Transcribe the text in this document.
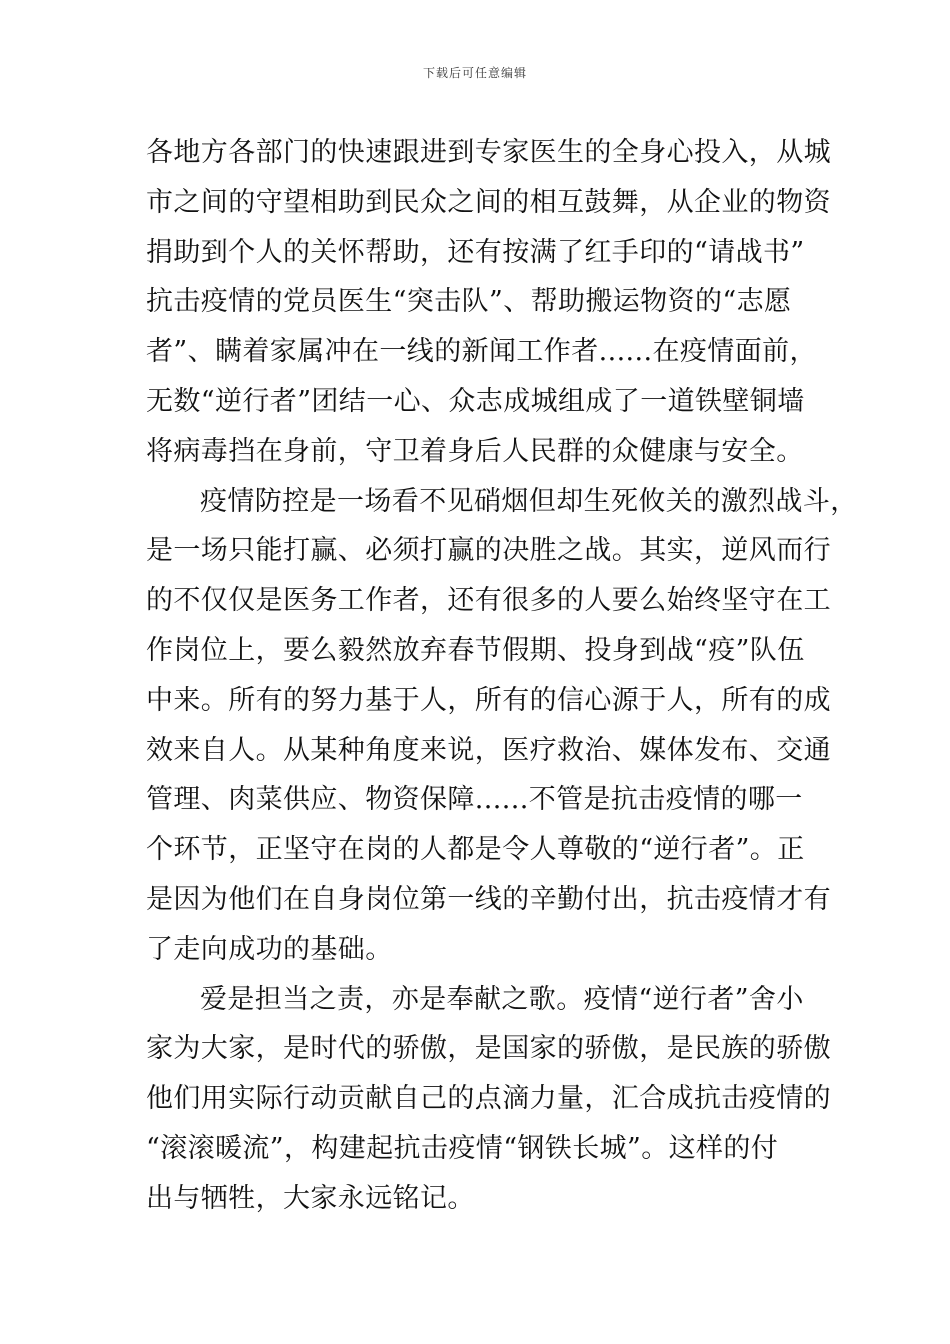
下载后可任意编辑
各地方各部门的快速跟进到专家医生的全身心投入，从城
市之间的守望相助到民众之间的相互鼓舞，从企业的物资
捐助到个人的关怀帮助，还有按满了红手印的“请战书”
抗击疫情的党员医生“突击队”、帮助搬运物资的“志愿
者”、瞒着家属冲在一线的新闻工作者......在疫情面前，
无数“逆行者”团结一心、众志成城组成了一道铁壁铜墙
将病毒挡在身前，守卫着身后人民群的众健康与安全。
疫情防控是一场看不见硝烟但却生死攸关的激烈战斗，
是一场只能打赢、必须打赢的决胜之战。其实，逆风而行
的不仅仅是医务工作者，还有很多的人要么始终坚守在工
作岗位上，要么毅然放弃春节假期、投身到战“疫”队伍
中来。所有的努力基于人，所有的信心源于人，所有的成
效来自人。从某种角度来说，医疗救治、媒体发布、交通
管理、肉菜供应、物资保障......不管是抗击疫情的哪一
个环节，正坚守在岗的人都是令人尊敬的“逆行者”。正
是因为他们在自身岗位第一线的辛勤付出，抗击疫情才有
了走向成功的基础。
爱是担当之责，亦是奉献之歌。疫情“逆行者”舍小
家为大家，是时代的骄傲，是国家的骄傲，是民族的骄傲
他们用实际行动贡献自己的点滴力量，汇合成抗击疫情的
“滚滚暖流”，构建起抗击疫情“钢铁长城”。这样的付
出与牺牲，大家永远铭记。
